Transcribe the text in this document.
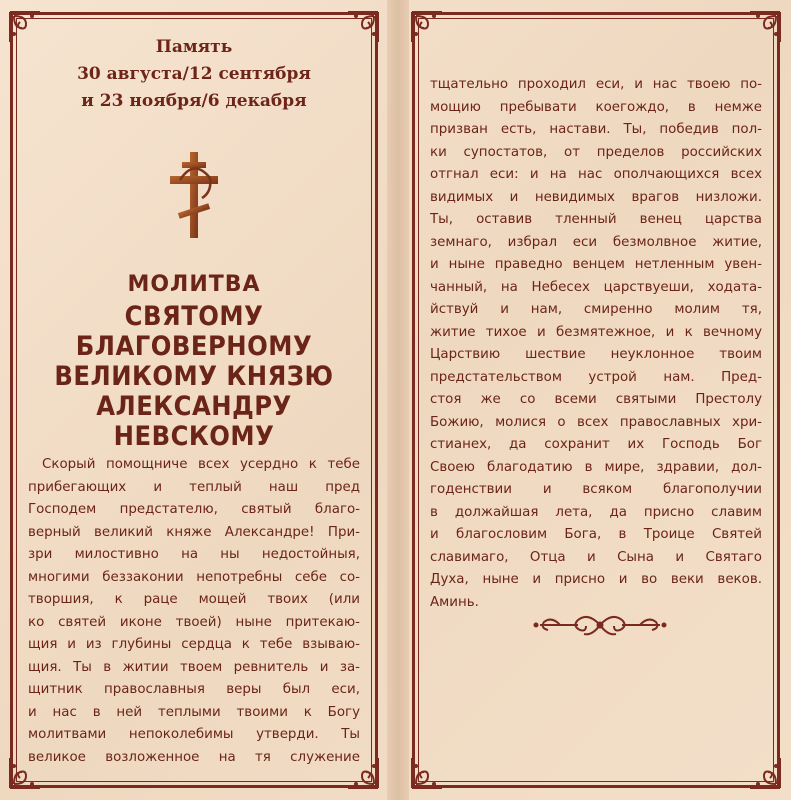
Память
30 августа/12 сентября
и 23 ноября/6 декабря
МОЛИТВА
СВЯТОМУ
БЛАГОВЕРНОМУ
ВЕЛИКОМУ КНЯЗЮ
АЛЕКСАНДРУ
НЕВСКОМУ
Скорый помощниче всех усердно к тебе
прибегающих и теплый наш пред
Господем предстателю, святый благо-
верный великий княже Александре! При-
зри милостивно на ны недостойныя,
многими беззаконии непотребны себе со-
творшия, к раце мощей твоих (или
ко святей иконе твоей) ныне притекаю-
щия и из глубины сердца к тебе взываю-
щия. Ты в житии твоем ревнитель и за-
щитник православныя веры был еси,
и нас в ней теплыми твоими к Богу
молитвами непоколебимы утверди. Ты
великое возложенное на тя служение
тщательно проходил еси, и нас твоею по-
мощию пребывати коегождо, в немже
призван есть, настави. Ты, победив пол-
ки супостатов, от пределов российских
отгнал еси: и на нас ополчающихся всех
видимых и невидимых врагов низложи.
Ты, оставив тленный венец царства
земнаго, избрал еси безмолвное житие,
и ныне праведно венцем нетленным увен-
чанный, на Небесех царствуеши, ходата-
йствуй и нам, смиренно молим тя,
житие тихое и безмятежное, и к вечному
Царствию шествие неуклонное твоим
предстательством устрой нам. Пред-
стоя же со всеми святыми Престолу
Божию, молися о всех православных хри-
стианех, да сохранит их Господь Бог
Своею благодатию в мире, здравии, дол-
годенствии и всяком благополучии
в должайшая лета, да присно славим
и благословим Бога, в Троице Святей
славимаго, Отца и Сына и Святаго
Духа, ныне и присно и во веки веков.
Аминь.
